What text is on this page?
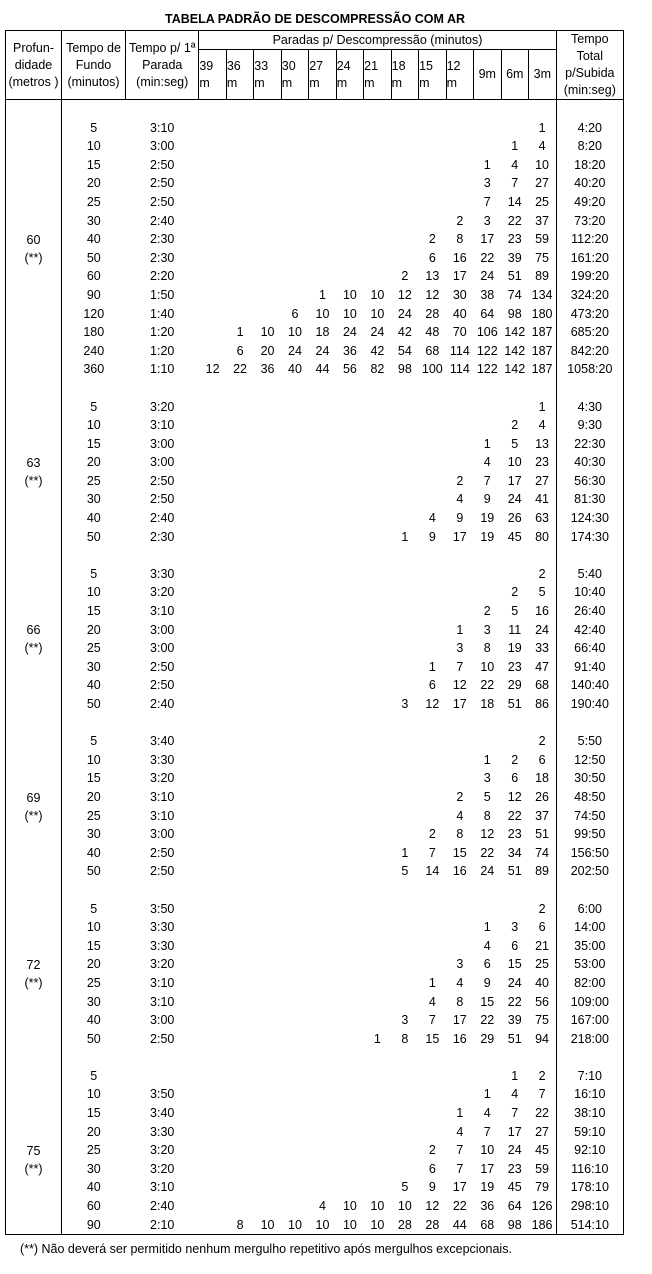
TABELA PADRÃO DE DESCOMPRESSÃO COM AR
Profun-didade (metros )	Tempo de Fundo (minutos)	Tempo p/ 1ª Parada (min:seg)	Paradas p/ Descompressão (minutos)													Tempo Total p/Subida (min:seg)
			39 m	36 m	33 m	30 m	27 m	24 m	21 m	18 m	15 m	12 m	9m	6m	3m	

	5	3:10													1	4:20
	10	3:00												1	4	8:20
	15	2:50											1	4	10	18:20
	20	2:50											3	7	27	40:20
	25	2:50											7	14	25	49:20
	30	2:40										2	3	22	37	73:20

60
(**)	40	2:30									2	8	17	23	59	112:20
	50	2:30									6	16	22	39	75	161:20
	60	2:20								2	13	17	24	51	89	199:20
	90	1:50					1	10	10	12	12	30	38	74	134	324:20
	120	1:40				6	10	10	10	24	28	40	64	98	180	473:20
	180	1:20		1	10	10	18	24	24	42	48	70	106	142	187	685:20
	240	1:20		6	20	24	24	36	42	54	68	114	122	142	187	842:20
	360	1:10	12	22	36	40	44	56	82	98	100	114	122	142	187	1058:20

	5	3:20													1	4:30
	10	3:10												2	4	9:30
	15	3:00											1	5	13	22:30

63
(**)	20	3:00											4	10	23	40:30
	25	2:50										2	7	17	27	56:30
	30	2:50										4	9	24	41	81:30
	40	2:40									4	9	19	26	63	124:30
	50	2:30								1	9	17	19	45	80	174:30

	5	3:30													2	5:40
	10	3:20												2	5	10:40
	15	3:10											2	5	16	26:40

66
(**)	20	3:00										1	3	11	24	42:40
	25	3:00										3	8	19	33	66:40
	30	2:50									1	7	10	23	47	91:40
	40	2:50									6	12	22	29	68	140:40
	50	2:40								3	12	17	18	51	86	190:40

	5	3:40													2	5:50
	10	3:30											1	2	6	12:50
	15	3:20											3	6	18	30:50

69
(**)	20	3:10										2	5	12	26	48:50
	25	3:10										4	8	22	37	74:50
	30	3:00									2	8	12	23	51	99:50
	40	2:50								1	7	15	22	34	74	156:50
	50	2:50								5	14	16	24	51	89	202:50

	5	3:50													2	6:00
	10	3:30											1	3	6	14:00
	15	3:30											4	6	21	35:00

72
(**)	20	3:20										3	6	15	25	53:00
	25	3:10									1	4	9	24	40	82:00
	30	3:10									4	8	15	22	56	109:00
	40	3:00								3	7	17	22	39	75	167:00
	50	2:50							1	8	15	16	29	51	94	218:00

	5													1	2	7:10
	10	3:50											1	4	7	16:10
	15	3:40										1	4	7	22	38:10
	20	3:30										4	7	17	27	59:10

75
(**)	25	3:20									2	7	10	24	45	92:10
	30	3:20									6	7	17	23	59	116:10
	40	3:10								5	9	17	19	45	79	178:10
	60	2:40					4	10	10	10	12	22	36	64	126	298:10
	90	2:10		8	10	10	10	10	10	28	28	44	68	98	186	514:10
(**) Não deverá ser permitido nenhum mergulho repetitivo após mergulhos excepcionais.
